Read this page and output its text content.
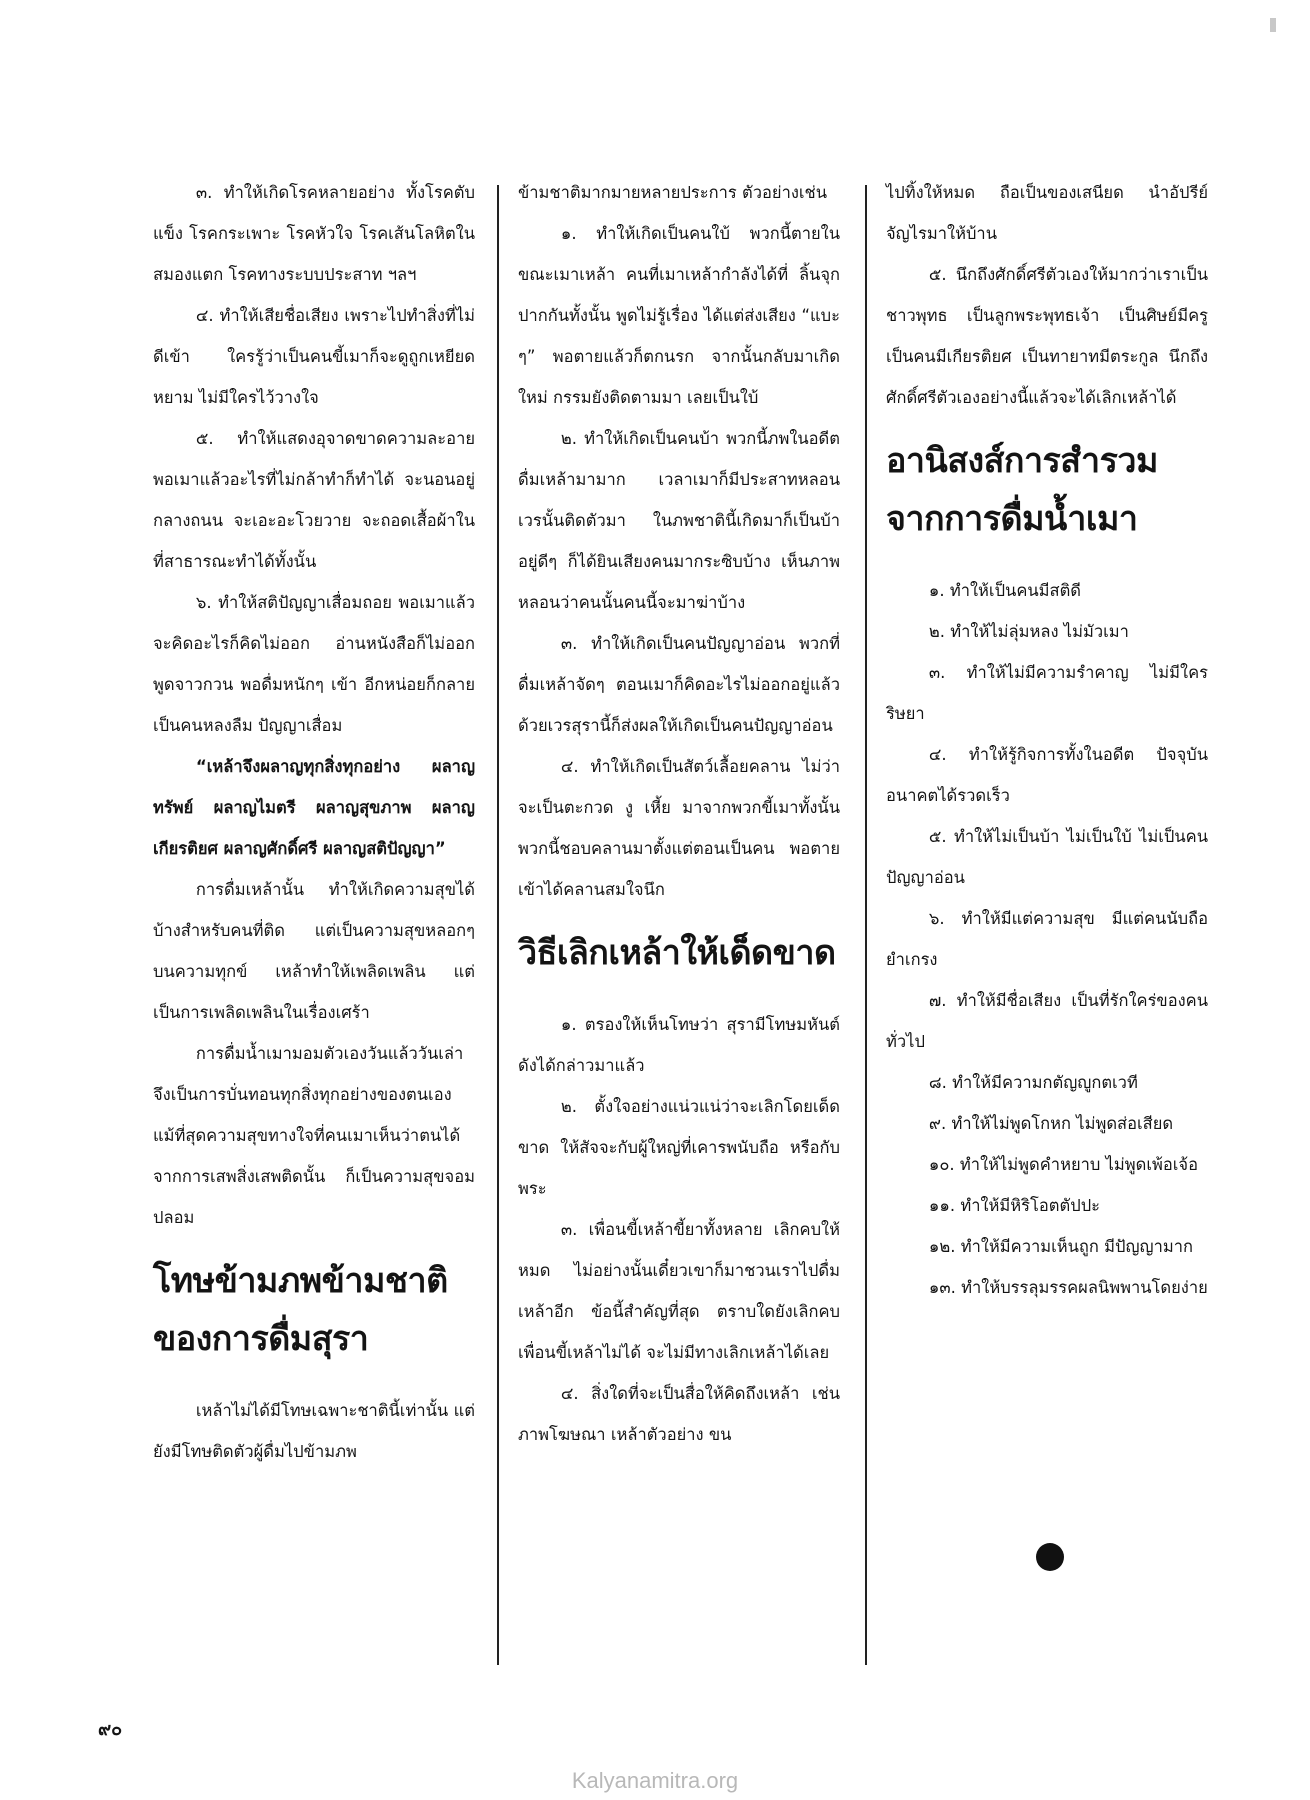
๓. ทำให้เกิดโรคหลายอย่าง ทั้งโรคตับแข็ง โรคกระเพาะ โรคหัวใจ โรคเส้นโลหิตในสมองแตก โรคทางระบบประสาท ฯลฯ

๔. ทำให้เสียชื่อเสียง เพราะไปทำสิ่งที่ไม่ดีเข้า ใครรู้ว่าเป็นคนขี้เมาก็จะดูถูกเหยียดหยาม ไม่มีใครไว้วางใจ

๕. ทำให้แสดงอุจาดขาดความละอาย พอเมาแล้วอะไรที่ไม่กล้าทำก็ทำได้ จะนอนอยู่กลางถนน จะเอะอะโวยวาย จะถอดเสื้อผ้าในที่สาธารณะทำได้ทั้งนั้น

๖. ทำให้สติปัญญาเสื่อมถอย พอเมาแล้ว จะคิดอะไรก็คิดไม่ออก อ่านหนังสือก็ไม่ออก พูดจาวกวน พอดื่มหนักๆ เข้า อีกหน่อยก็กลายเป็นคนหลงลืม ปัญญาเสื่อม

“เหล้าจึงผลาญทุกสิ่งทุกอย่าง ผลาญทรัพย์ ผลาญไมตรี ผลาญสุขภาพ ผลาญเกียรติยศ ผลาญศักดิ์ศรี ผลาญสติปัญญา”

การดื่มเหล้านั้น ทำให้เกิดความสุขได้บ้างสำหรับคนที่ติด แต่เป็นความสุขหลอกๆ บนความทุกข์ เหล้าทำให้เพลิดเพลิน แต่เป็นการเพลิดเพลินในเรื่องเศร้า

การดื่มน้ำเมามอมตัวเองวันแล้ววันเล่า จึงเป็นการบั่นทอนทุกสิ่งทุกอย่างของตนเอง แม้ที่สุดความสุขทางใจที่คนเมาเห็นว่าตนได้จากการเสพสิ่งเสพติดนั้น ก็เป็นความสุขจอมปลอม

โทษข้ามภพข้ามชาติของการดื่มสุรา

เหล้าไม่ได้มีโทษเฉพาะชาตินี้เท่านั้น แต่ยังมีโทษติดตัวผู้ดื่มไปข้ามภพ

ข้ามชาติมากมายหลายประการ ตัวอย่างเช่น

๑. ทำให้เกิดเป็นคนใบ้ พวกนี้ตายในขณะเมาเหล้า คนที่เมาเหล้ากำลังได้ที่ ลิ้นจุกปากกันทั้งนั้น พูดไม่รู้เรื่อง ได้แต่ส่งเสียง “แบะ ๆ” พอตายแล้วก็ตกนรก จากนั้นกลับมาเกิดใหม่ กรรมยังติดตามมา เลยเป็นใบ้

๒. ทำให้เกิดเป็นคนบ้า พวกนี้ภพในอดีตดื่มเหล้ามามาก เวลาเมาก็มีประสาทหลอน เวรนั้นติดตัวมา ในภพชาตินี้เกิดมาก็เป็นบ้า อยู่ดีๆ ก็ได้ยินเสียงคนมากระซิบบ้าง เห็นภาพหลอนว่าคนนั้นคนนี้จะมาฆ่าบ้าง

๓. ทำให้เกิดเป็นคนปัญญาอ่อน พวกที่ดื่มเหล้าจัดๆ ตอนเมาก็คิดอะไรไม่ออกอยู่แล้ว ด้วยเวรสุรานี้ก็ส่งผลให้เกิดเป็นคนปัญญาอ่อน

๔. ทำให้เกิดเป็นสัตว์เลื้อยคลาน ไม่ว่าจะเป็นตะกวด งู เหี้ย มาจากพวกขี้เมาทั้งนั้น พวกนี้ชอบคลานมาตั้งแต่ตอนเป็นคน พอตายเข้าได้คลานสมใจนึก

วิธีเลิกเหล้าให้เด็ดขาด

๑. ตรองให้เห็นโทษว่า สุรามีโทษมหันต์ดังได้กล่าวมาแล้ว

๒. ตั้งใจอย่างแน่วแน่ว่าจะเลิกโดยเด็ดขาด ให้สัจจะกับผู้ใหญ่ที่เคารพนับถือ หรือกับพระ

๓. เพื่อนขี้เหล้าขี้ยาทั้งหลาย เลิกคบให้หมด ไม่อย่างนั้นเดี๋ยวเขาก็มาชวนเราไปดื่มเหล้าอีก ข้อนี้สำคัญที่สุด ตราบใดยังเลิกคบเพื่อนขี้เหล้าไม่ได้ จะไม่มีทางเลิกเหล้าได้เลย

๔. สิ่งใดที่จะเป็นสื่อให้คิดถึงเหล้า เช่น ภาพโฆษณา เหล้าตัวอย่าง ขน

ไปทิ้งให้หมด ถือเป็นของเสนียด นำอัปรีย์จัญไรมาให้บ้าน

๕. นึกถึงศักดิ์ศรีตัวเองให้มากว่าเราเป็นชาวพุทธ เป็นลูกพระพุทธเจ้า เป็นศิษย์มีครู เป็นคนมีเกียรติยศ เป็นทายาทมีตระกูล นึกถึงศักดิ์ศรีตัวเองอย่างนี้แล้วจะได้เลิกเหล้าได้

อานิสงส์การสำรวมจากการดื่มน้ำเมา

๑. ทำให้เป็นคนมีสติดี

๒. ทำให้ไม่ลุ่มหลง ไม่มัวเมา

๓. ทำให้ไม่มีความรำคาญ ไม่มีใครริษยา

๔. ทำให้รู้กิจการทั้งในอดีต ปัจจุบัน อนาคตได้รวดเร็ว

๕. ทำให้ไม่เป็นบ้า ไม่เป็นใบ้ ไม่เป็นคนปัญญาอ่อน

๖. ทำให้มีแต่ความสุข มีแต่คนนับถือยำเกรง

๗. ทำให้มีชื่อเสียง เป็นที่รักใคร่ของคนทั่วไป

๘. ทำให้มีความกตัญญูกตเวที

๙. ทำให้ไม่พูดโกหก ไม่พูดส่อเสียด

๑๐. ทำให้ไม่พูดคำหยาบ ไม่พูดเพ้อเจ้อ

๑๑. ทำให้มีหิริโอตตัปปะ

๑๒. ทำให้มีความเห็นถูก มีปัญญามาก

๑๓. ทำให้บรรลุมรรคผลนิพพานโดยง่าย

๙๐
Kalyanamitra.org
